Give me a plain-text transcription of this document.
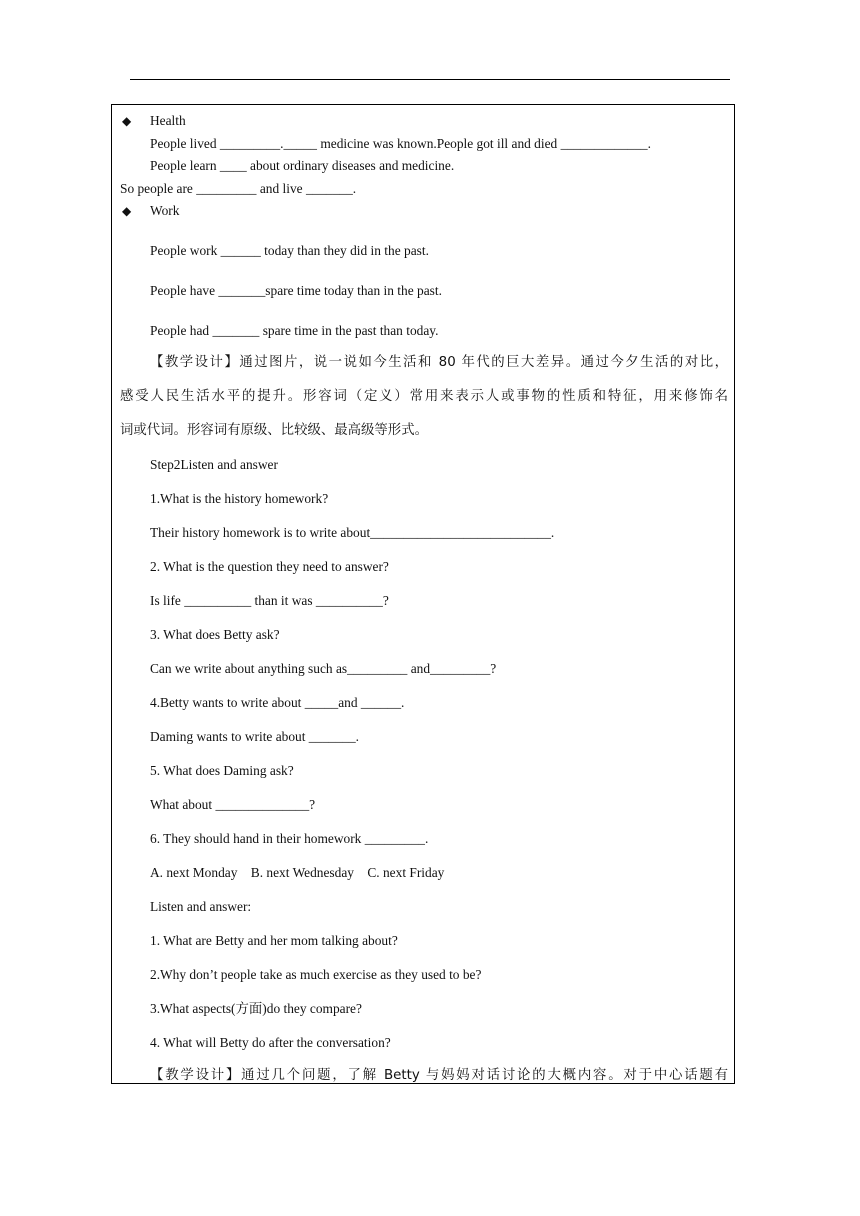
◆ Health
People lived _________._____ medicine was known.People got ill and died _____________.
People learn ____ about ordinary diseases and medicine.
So people are _________ and live _______.
◆ Work
People work ______ today than they did in the past.
People have _______spare time today than in the past.
People had _______ spare time in the past than today.
【教学设计】通过图片，说一说如今生活和 80 年代的巨大差异。通过今夕生活的对比，
感受人民生活水平的提升。形容词（定义）常用来表示人或事物的性质和特征，用来修饰名
词或代词。形容词有原级、比较级、最高级等形式。
Step2Listen and answer
1.What is the history homework?
Their history homework is to write about___________________________.
2. What is the question they need to answer?
Is life __________ than it was __________?
3. What does Betty ask?
Can we write about anything such as_________ and_________?
4.Betty wants to write about _____and ______.
Daming wants to write about _______.
5. What does Daming ask?
What about ______________?
6. They should hand in their homework _________.
A. next Monday    B. next Wednesday    C. next Friday
Listen and answer:
1. What are Betty and her mom talking about?
2.Why don’t people take as much exercise as they used to be?
3.What aspects(方面)do they compare?
4. What will Betty do after the conversation?
【教学设计】通过几个问题，了解 Betty 与妈妈对话讨论的大概内容。对于中心话题有
